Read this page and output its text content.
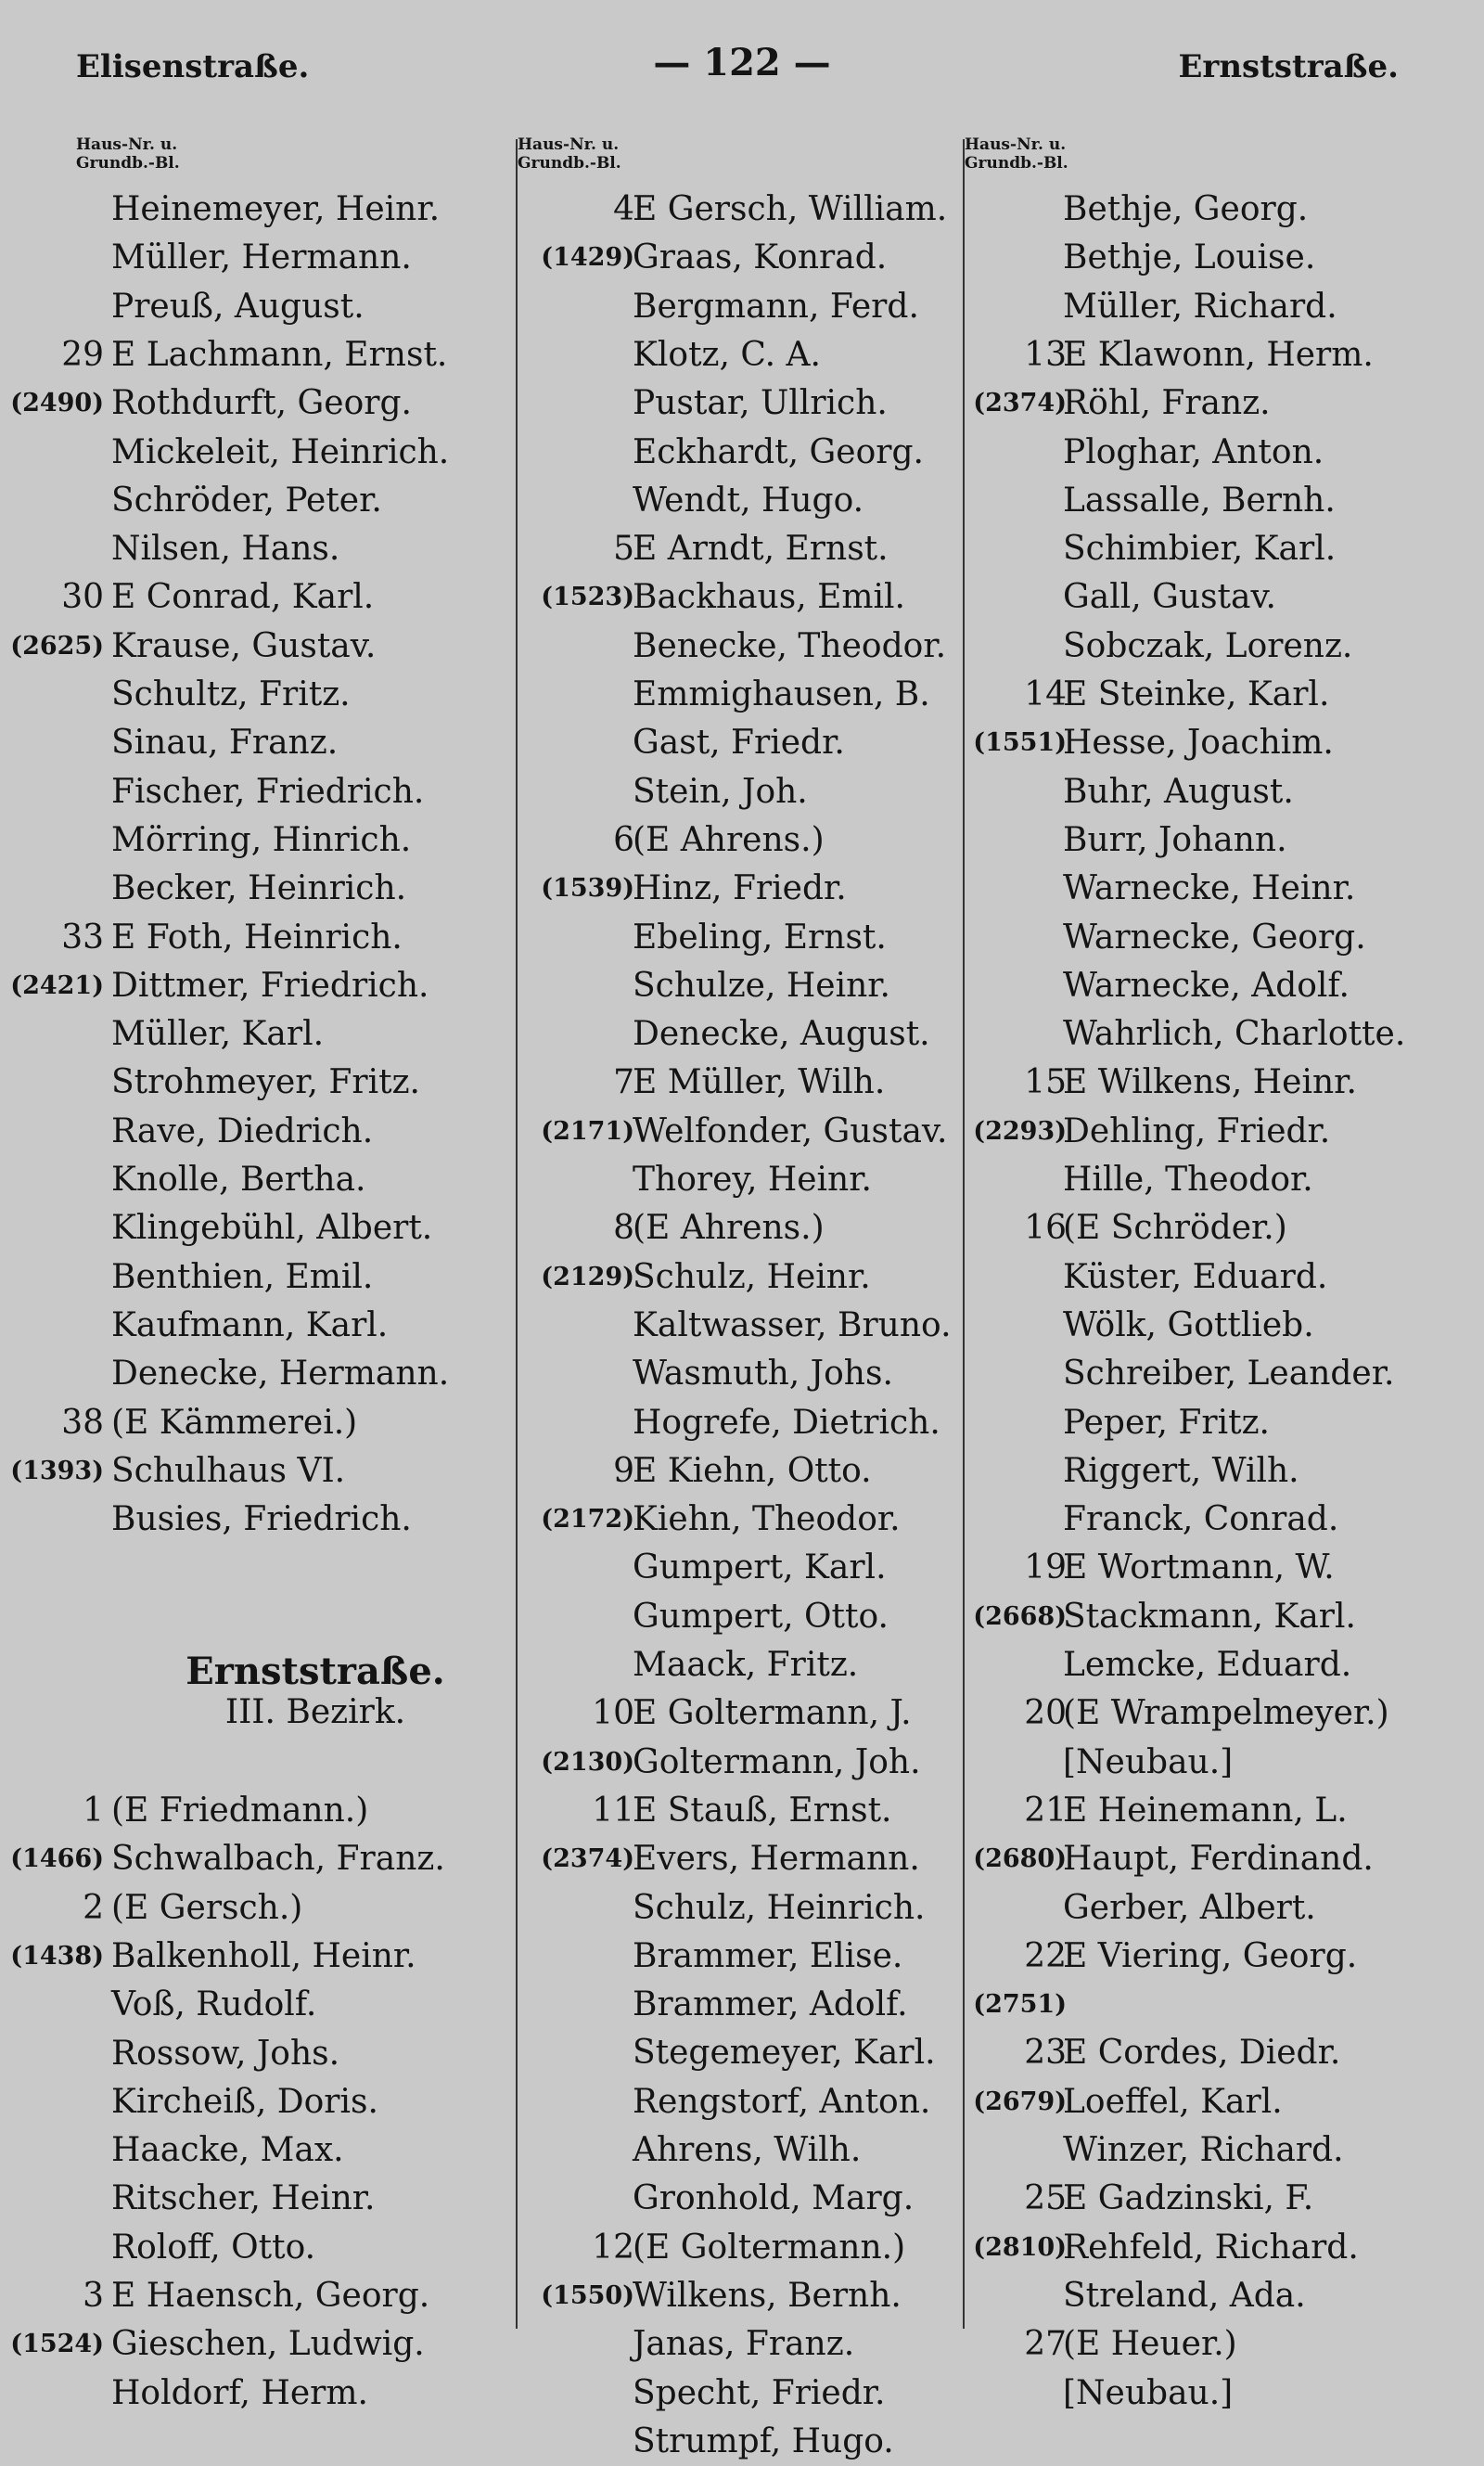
— 122 —
Elisenstraße.	Ernststraße.
Haus-Nr. u.
Grundb.-Bl.
Ernststraße.
III. Bezirk.
Heinemeyer, Heinr.
Müller, Hermann.
Preuß, August.
29 E Lachmann, Ernst.
(2490) Rothdurft, Georg.
Mickeleit, Heinrich.
Schröder, Peter.
Nilsen, Hans.
30 E Conrad, Karl.
(2625) Krause, Gustav.
Schultz, Fritz.
Sinau, Franz.
Fischer, Friedrich.
Mörring, Hinrich.
Becker, Heinrich.
33 E Foth, Heinrich.
(2421) Dittmer, Friedrich.
Müller, Karl.
Strohmeyer, Fritz.
Rave, Diedrich.
Knolle, Bertha.
Klingebühl, Albert.
Benthien, Emil.
Kaufmann, Karl.
Denecke, Hermann.
38 (E Kämmerei.)
(1393) Schulhaus VI.
Busies, Friedrich.
1 (E Friedmann.)
(1466) Schwalbach, Franz.
2 (E Gersch.)
(1438) Balkenholl, Heinr.
Voß, Rudolf.
Rossow, Johs.
Kircheiß, Doris.
Haacke, Max.
Ritscher, Heinr.
Roloff, Otto.
3 E Haensch, Georg.
(1524) Gieschen, Ludwig.
Holdorf, Herm.
Haus-Nr. u.
Grundb.-Bl.
4
E Gersch, William.
(1429)
Graas, Konrad.
Bergmann, Ferd.
Klotz, C. A.
Pustar, Ullrich.
Eckhardt, Georg.
Wendt, Hugo.
5
E Arndt, Ernst.
(1523)
Backhaus, Emil.
Benecke, Theodor.
Emmighausen, B.
Gast, Friedr.
Stein, Joh.
6
(E Ahrens.)
(1539)
Hinz, Friedr.
Ebeling, Ernst.
Schulze, Heinr.
Denecke, August.
7
E Müller, Wilh.
(2171)
Welfonder, Gustav.
Thorey, Heinr.
8
(E Ahrens.)
(2129)
Schulz, Heinr.
Kaltwasser, Bruno.
Wasmuth, Johs.
Hogrefe, Dietrich.
9
E Kiehn, Otto.
(2172)
Kiehn, Theodor.
Gumpert, Karl.
Gumpert, Otto.
Maack, Fritz.
10
E Goltermann, J.
(2130)
Goltermann, Joh.
11
E Stauß, Ernst.
(2374)
Evers, Hermann.
Schulz, Heinrich.
Brammer, Elise.
Brammer, Adolf.
Stegemeyer, Karl.
Rengstorf, Anton.
Ahrens, Wilh.
Gronhold, Marg.
12
(E Goltermann.)
(1550)
Wilkens, Bernh.
Janas, Franz.
Specht, Friedr.
Strumpf, Hugo.
Haus-Nr. u.
Grundb.-Bl.
Bethje, Georg.
Bethje, Louise.
Müller, Richard.
13
E Klawonn, Herm.
(2374)
Röhl, Franz.
Ploghar, Anton.
Lassalle, Bernh.
Schimbier, Karl.
Gall, Gustav.
Sobczak, Lorenz.
14
E Steinke, Karl.
(1551)
Hesse, Joachim.
Buhr, August.
Burr, Johann.
Warnecke, Heinr.
Warnecke, Georg.
Warnecke, Adolf.
Wahrlich, Charlotte.
15
E Wilkens, Heinr.
(2293)
Dehling, Friedr.
Hille, Theodor.
16
(E Schröder.)
Küster, Eduard.
Wölk, Gottlieb.
Schreiber, Leander.
Peper, Fritz.
Riggert, Wilh.
Franck, Conrad.
19
E Wortmann, W.
(2668)
Stackmann, Karl.
Lemcke, Eduard.
20
(E Wrampelmeyer.)
[Neubau.]
21
E Heinemann, L.
(2680)
Haupt, Ferdinand.
Gerber, Albert.
22
E Viering, Georg.
(2751)
23
E Cordes, Diedr.
(2679)
Loeffel, Karl.
Winzer, Richard.
25
E Gadzinski, F.
(2810)
Rehfeld, Richard.
Streland, Ada.
27
(E Heuer.)
[Neubau.]
